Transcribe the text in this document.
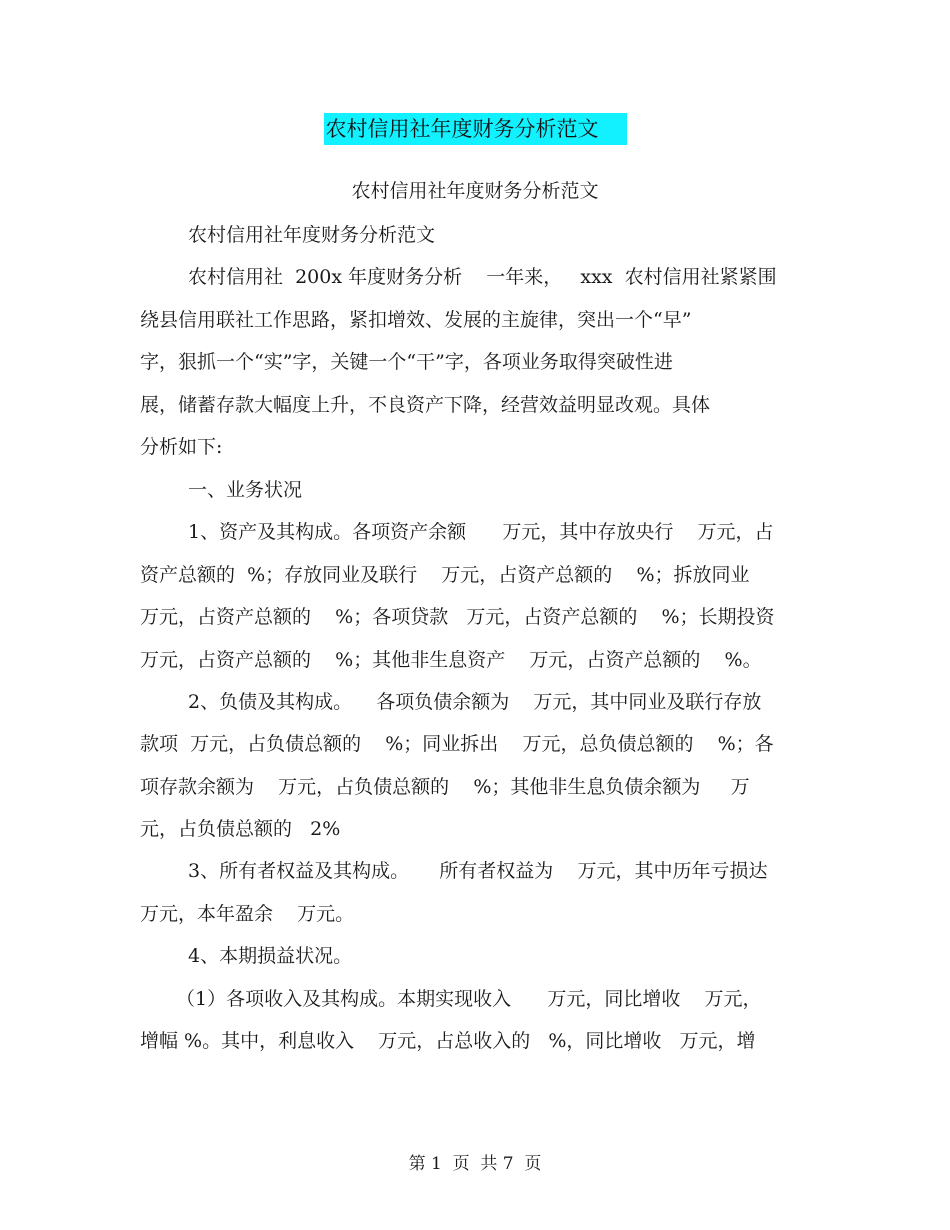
农村信用社年度财务分析范文
农村信用社年度财务分析范文
农村信用社年度财务分析范文
农村信用社  200x 年度财务分析    一年来，   xxx  农村信用社紧紧围
绕县信用联社工作思路，紧扣增效、发展的主旋律，突出一个“早”
字，狠抓一个“实”字，关键一个“干”字，各项业务取得突破性进
展，储蓄存款大幅度上升，不良资产下降，经营效益明显改观。具体
分析如下:
一、业务状况
1、资产及其构成。各项资产余额      万元，其中存放央行    万元，占
资产总额的  %；存放同业及联行    万元，占资产总额的    %；拆放同业
万元，占资产总额的    %；各项贷款   万元，占资产总额的    %；长期投资
万元，占资产总额的    %；其他非生息资产    万元，占资产总额的    %。
2、负债及其构成。    各项负债余额为    万元，其中同业及联行存放
款项  万元，占负债总额的    %；同业拆出    万元，总负债总额的    %；各
项存款余额为    万元，占负债总额的    %；其他非生息负债余额为     万
元，占负债总额的   2%
3、所有者权益及其构成。     所有者权益为    万元，其中历年亏损达
万元，本年盈余    万元。
4、本期损益状况。
（1）各项收入及其构成。本期实现收入      万元，同比增收    万元，
增幅 %。其中，利息收入    万元，占总收入的   %，同比增收   万元，增
第 1  页  共 7  页
